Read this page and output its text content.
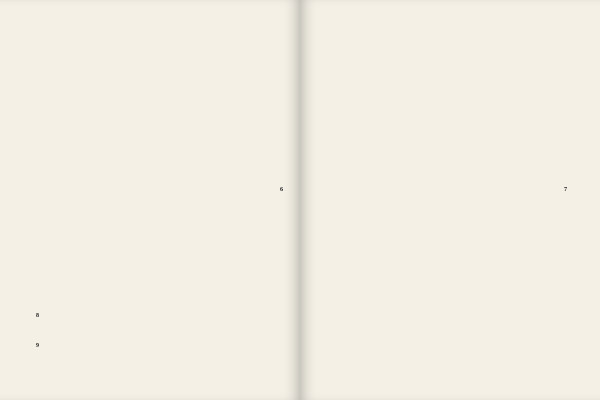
8
9
6	7
